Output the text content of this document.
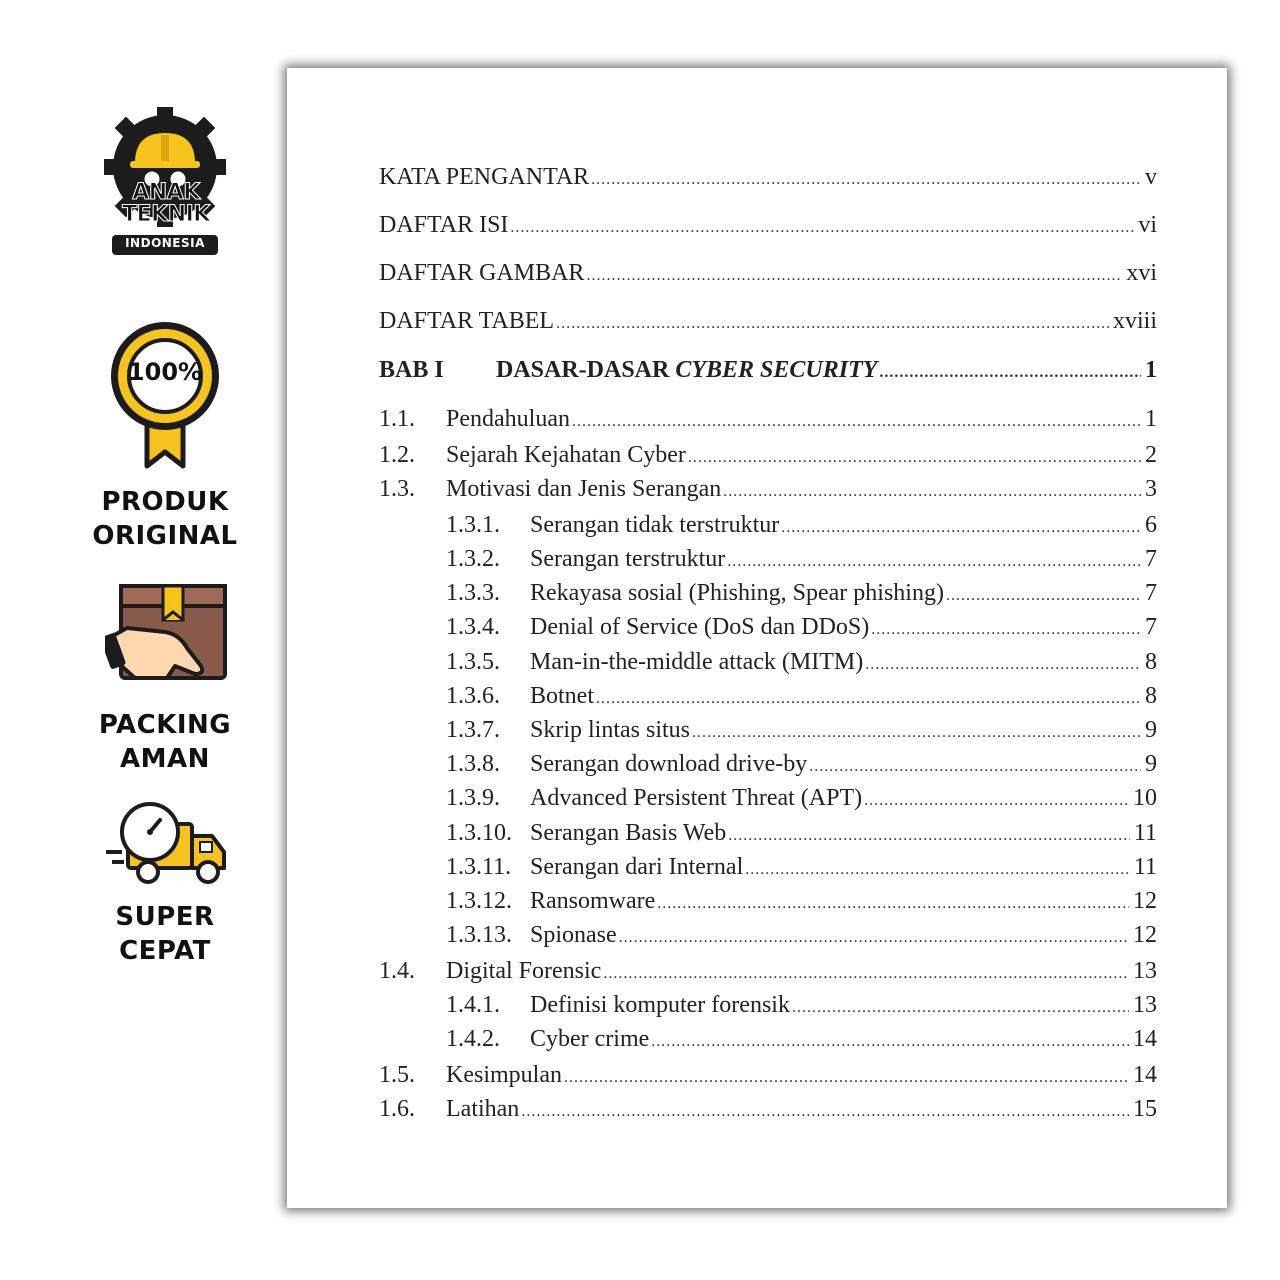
ANAK
TEKNIK
INDONESIA
100%
PRODUK
ORIGINAL
PACKING
AMAN
SUPER
CEPAT
KATA PENGANTAR .....	v
DAFTAR ISI .....	vi
DAFTAR GAMBAR .....	xvi
DAFTAR TABEL .....	xviii
BAB I	DASAR-DASAR CYBER SECURITY .....	1
1.1.	Pendahuluan .....	1
1.2.	Sejarah Kejahatan Cyber .....	2
1.3.	Motivasi dan Jenis Serangan .....	3
1.3.1.	Serangan tidak terstruktur .....	6
1.3.2.	Serangan terstruktur .....	7
1.3.3.	Rekayasa sosial (Phishing, Spear phishing) .....	7
1.3.4.	Denial of Service (DoS dan DDoS) .....	7
1.3.5.	Man-in-the-middle attack (MITM) .....	8
1.3.6.	Botnet .....	8
1.3.7.	Skrip lintas situs .....	9
1.3.8.	Serangan download drive-by .....	9
1.3.9.	Advanced Persistent Threat (APT) .....	10
1.3.10. Serangan Basis Web .....	11
1.3.11. Serangan dari Internal .....	11
1.3.12. Ransomware .....	12
1.3.13. Spionase .....	12
1.4.	Digital Forensic .....	13
1.4.1.	Definisi komputer forensik .....	13
1.4.2.	Cyber crime .....	14
1.5.	Kesimpulan .....	14
1.6.	Latihan .....	15
